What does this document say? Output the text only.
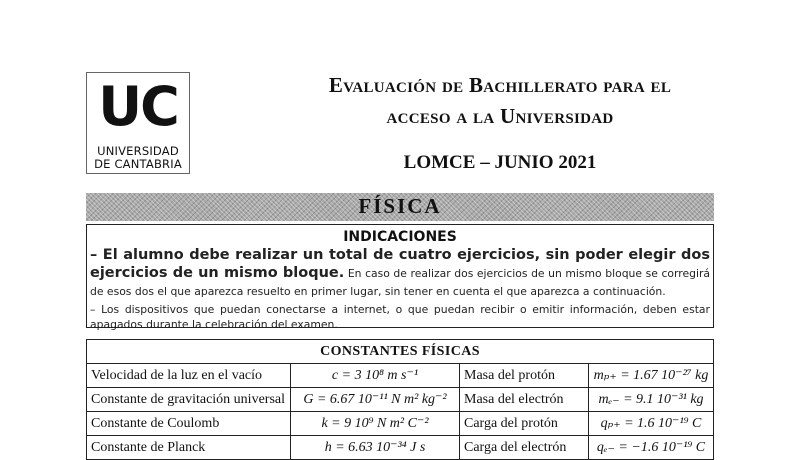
UC
UNIVERSIDAD
DE CANTABRIA
Evaluación de Bachillerato para el
acceso a la Universidad
LOMCE – JUNIO 2021
FÍSICA
INDICACIONES
– El alumno debe realizar un total de cuatro ejercicios, sin poder elegir dos ejercicios de un mismo bloque. En caso de realizar dos ejercicios de un mismo bloque se corregirá de esos dos el que aparezca resuelto en primer lugar, sin tener en cuenta el que aparezca a continuación.
– Los dispositivos que puedan conectarse a internet, o que puedan recibir o emitir información, deben estar apagados durante la celebración del examen.
CONSTANTES FÍSICAS			
Velocidad de la luz en el vacío	c = 3 10⁸ m s⁻¹	Masa del protón	mₚ₊ = 1.67 10⁻²⁷ kg
Constante de gravitación universal	G = 6.67 10⁻¹¹ N m² kg⁻²	Masa del electrón	mₑ₋ = 9.1 10⁻³¹ kg
Constante de Coulomb	k = 9 10⁹ N m² C⁻²	Carga del protón	qₚ₊ = 1.6 10⁻¹⁹ C
Constante de Planck	h = 6.63 10⁻³⁴ J s	Carga del electrón	qₑ₋ = −1.6 10⁻¹⁹ C
